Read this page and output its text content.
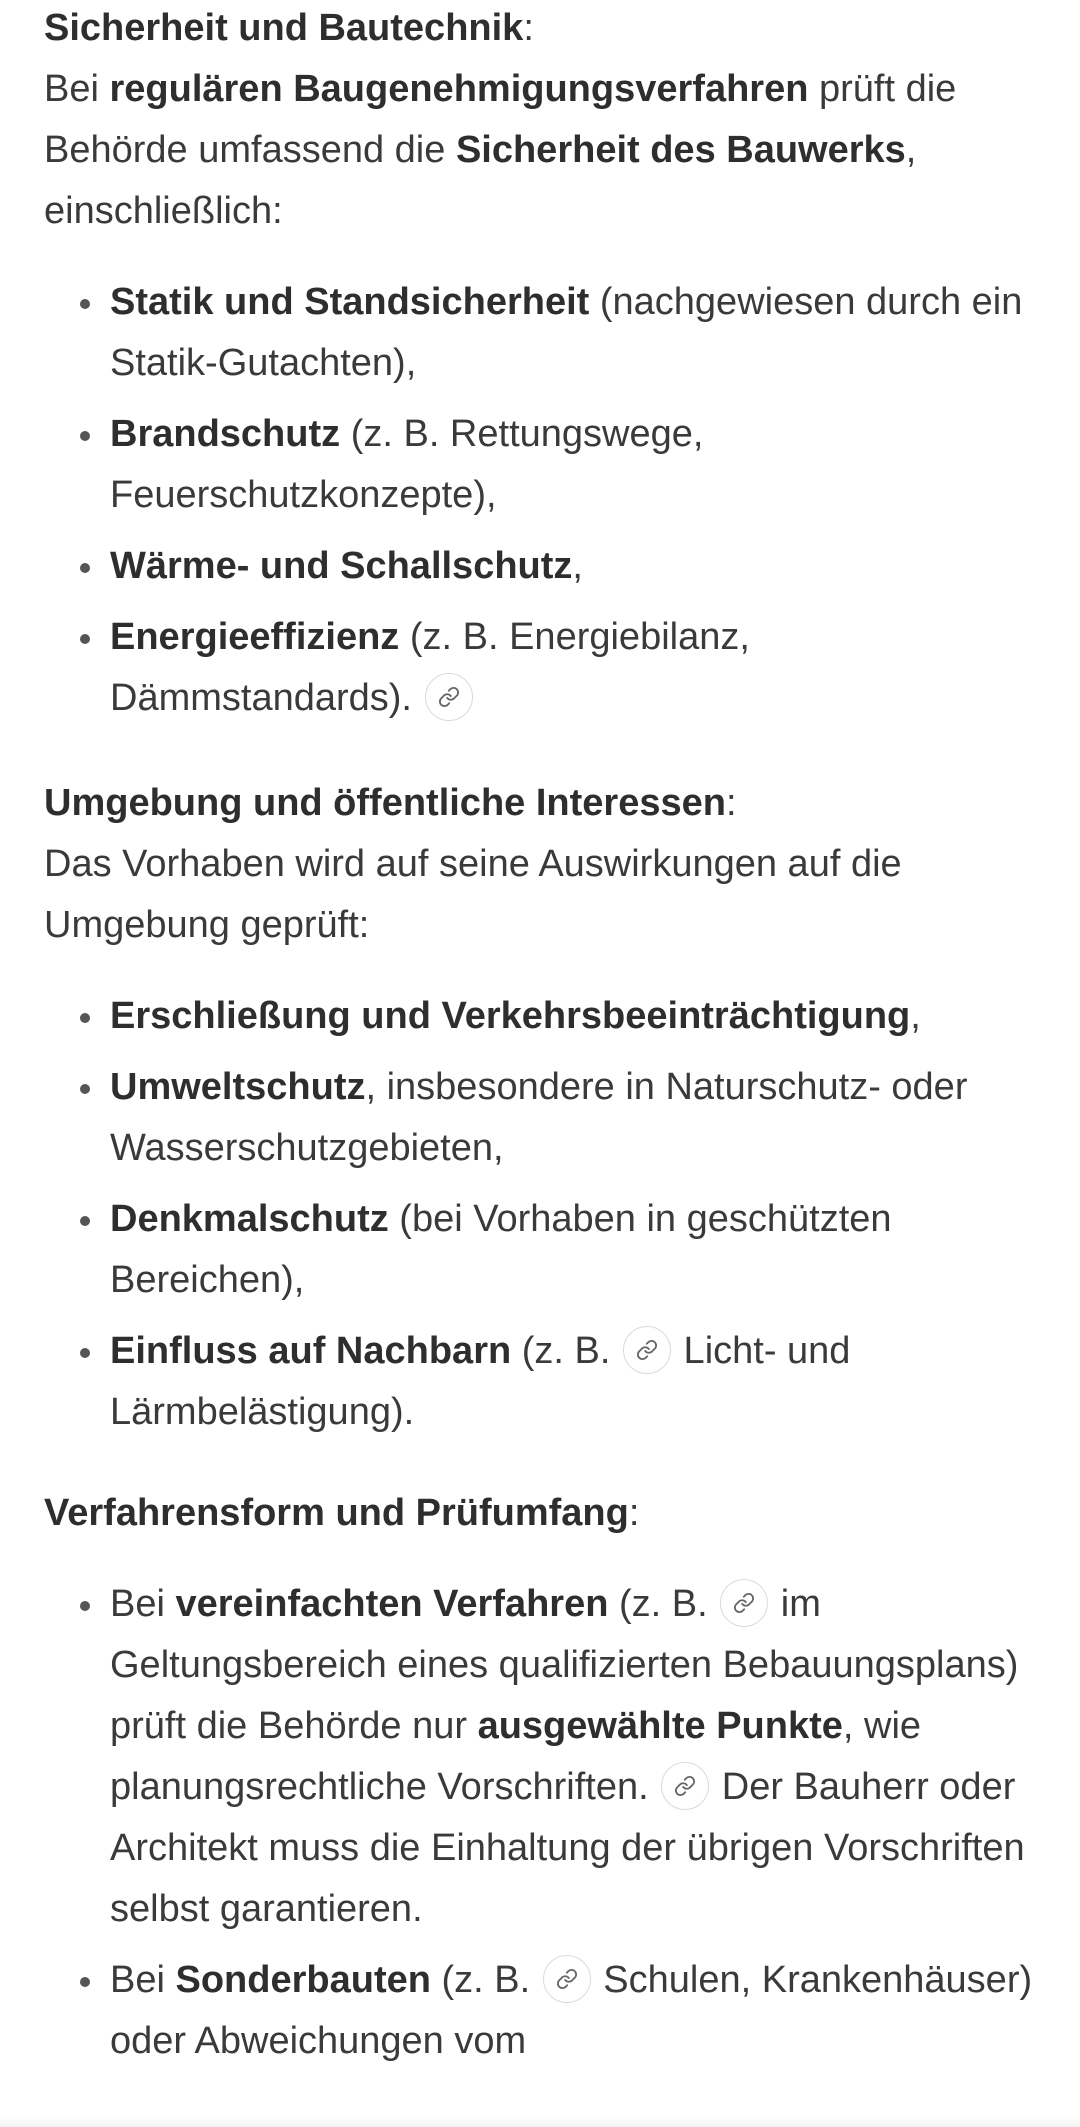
Sicherheit und Bautechnik:

Bei regulären Baugenehmigungsverfahren prüft die Behörde umfassend die Sicherheit des Bauwerks, einschließlich:

Statik und Standsicherheit (nachgewiesen durch ein Statik-Gutachten),
Brandschutz (z. B. Rettungswege, Feuerschutzkonzepte),
Wärme- und Schallschutz,
Energieeffizienz (z. B. Energiebilanz, Dämmstandards).

Umgebung und öffentliche Interessen:

Das Vorhaben wird auf seine Auswirkungen auf die Umgebung geprüft:

Erschließung und Verkehrsbeeinträchtigung,
Umweltschutz, insbesondere in Naturschutz- oder Wasserschutzgebieten,
Denkmalschutz (bei Vorhaben in geschützten Bereichen),
Einfluss auf Nachbarn (z. B.
Licht- und Lärmbelästigung).

Verfahrensform und Prüfumfang:

Bei vereinfachten Verfahren (z. B.
im Geltungsbereich eines qualifizierten Bebauungsplans) prüft die Behörde nur ausgewählte Punkte, wie planungsrechtliche Vorschriften.
Der Bauherr oder Architekt muss die Einhaltung der übrigen Vorschriften selbst garantieren.
Bei Sonderbauten (z. B.
Schulen, Krankenhäuser) oder Abweichungen vom
